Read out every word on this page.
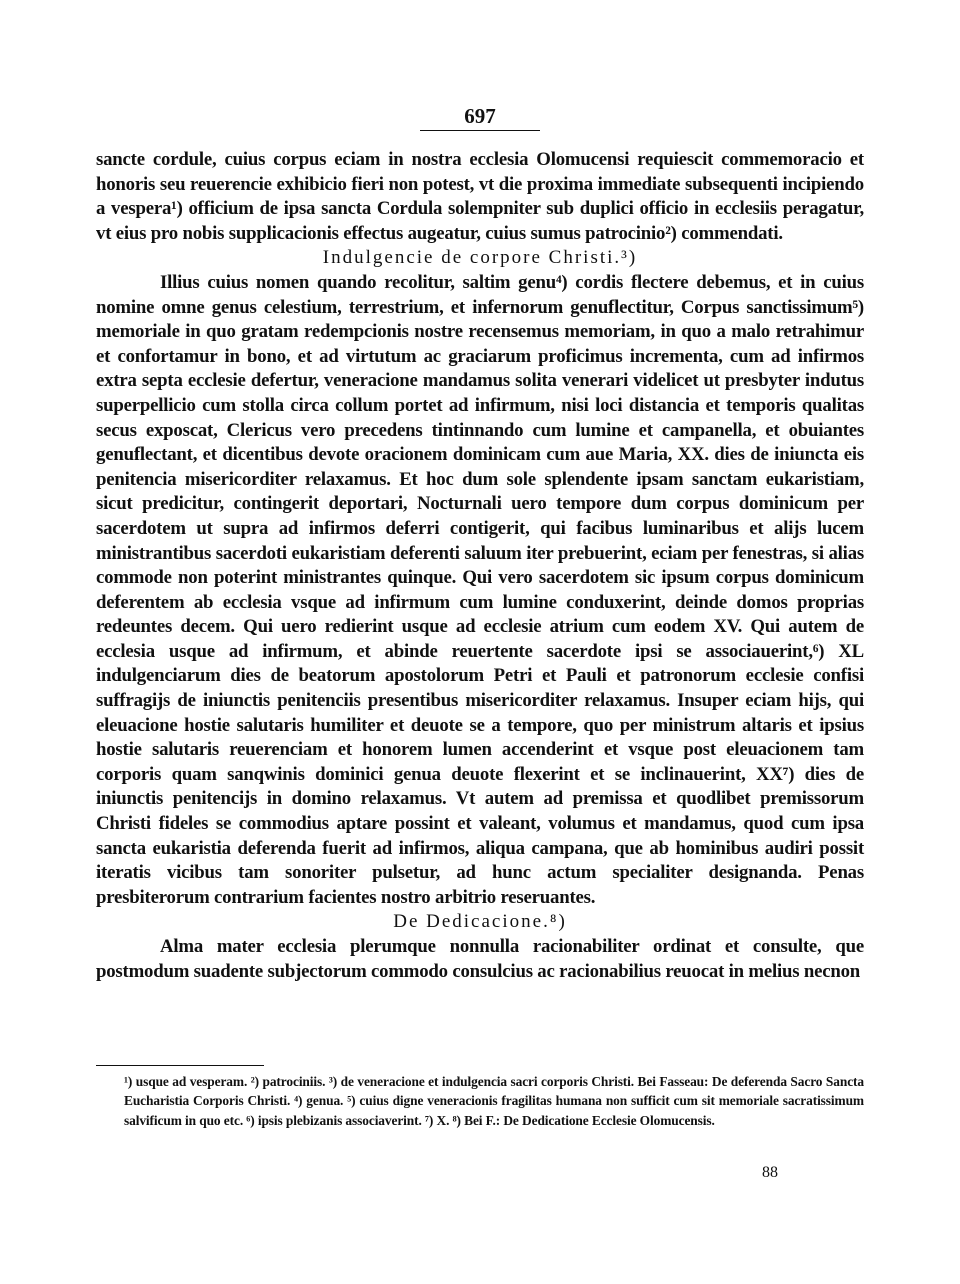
697

sancte cordule, cuius corpus eciam in nostra ecclesia Olomucensi requiescit commemoracio et honoris seu reuerencie exhibicio fieri non potest, vt die proxima immediate subsequenti incipiendo a vespera¹) officium de ipsa sancta Cordula solempniter sub duplici officio in ecclesiis peragatur, vt eius pro nobis supplicacionis effectus augeatur, cuius sumus patrocinio²) commendati.

Indulgencie de corpore Christi.³)

Illius cuius nomen quando recolitur, saltim genu⁴) cordis flectere debemus, et in cuius nomine omne genus celestium, terrestrium, et infernorum genuflectitur, Corpus sanctissimum⁵) memoriale in quo gratam redempcionis nostre recensemus memoriam, in quo a malo retrahimur et confortamur in bono, et ad virtutum ac graciarum proficimus incrementa, cum ad infirmos extra septa ecclesie defertur, veneracione mandamus solita venerari videlicet ut presbyter indutus superpellicio cum stolla circa collum portet ad infirmum, nisi loci distancia et temporis qualitas secus exposcat, Clericus vero precedens tintinnando cum lumine et campanella, et obuiantes genuflectant, et dicentibus devote oracionem dominicam cum aue Maria, XX. dies de iniuncta eis penitencia misericorditer relaxamus. Et hoc dum sole splendente ipsam sanctam eukaristiam, sicut predicitur, contingerit deportari, Nocturnali uero tempore dum corpus dominicum per sacerdotem ut supra ad infirmos deferri contigerit, qui facibus luminaribus et alijs lucem ministrantibus sacerdoti eukaristiam deferenti saluum iter prebuerint, eciam per fenestras, si alias commode non poterint ministrantes quinque. Qui vero sacerdotem sic ipsum corpus dominicum deferentem ab ecclesia vsque ad infirmum cum lumine conduxerint, deinde domos proprias redeuntes decem. Qui uero redierint usque ad ecclesie atrium cum eodem XV. Qui autem de ecclesia usque ad infirmum, et abinde reuertente sacerdote ipsi se associauerint,⁶) XL indulgenciarum dies de beatorum apostolorum Petri et Pauli et patronorum ecclesie confisi suffragijs de iniunctis penitenciis presentibus misericorditer relaxamus. Insuper eciam hijs, qui eleuacione hostie salutaris humiliter et deuote se a tempore, quo per ministrum altaris et ipsius hostie salutaris reuerenciam et honorem lumen accenderint et vsque post eleuacionem tam corporis quam sanqwinis dominici genua deuote flexerint et se inclinauerint, XX⁷) dies de iniunctis penitencijs in domino relaxamus. Vt autem ad premissa et quodlibet premissorum Christi fideles se commodius aptare possint et valeant, volumus et mandamus, quod cum ipsa sancta eukaristia deferenda fuerit ad infirmos, aliqua campana, que ab hominibus audiri possit iteratis vicibus tam sonoriter pulsetur, ad hunc actum specialiter designanda. Penas presbiterorum contrarium facientes nostro arbitrio reseruantes.

De Dedicacione.⁸)

Alma mater ecclesia plerumque nonnulla racionabiliter ordinat et consulte, que postmodum suadente subjectorum commodo consulcius ac racionabilius reuocat in melius necnon

¹) usque ad vesperam. ²) patrociniis. ³) de veneracione et indulgencia sacri corporis Christi. Bei Fasseau: De deferenda Sacro Sancta Eucharistia Corporis Christi. ⁴) genua. ⁵) cuius digne veneracionis fragilitas humana non sufficit cum sit memoriale sacratissimum salvificum in quo etc. ⁶) ipsis plebizanis associaverint. ⁷) X. ⁸) Bei F.: De Dedicatione Ecclesie Olomucensis.

88
